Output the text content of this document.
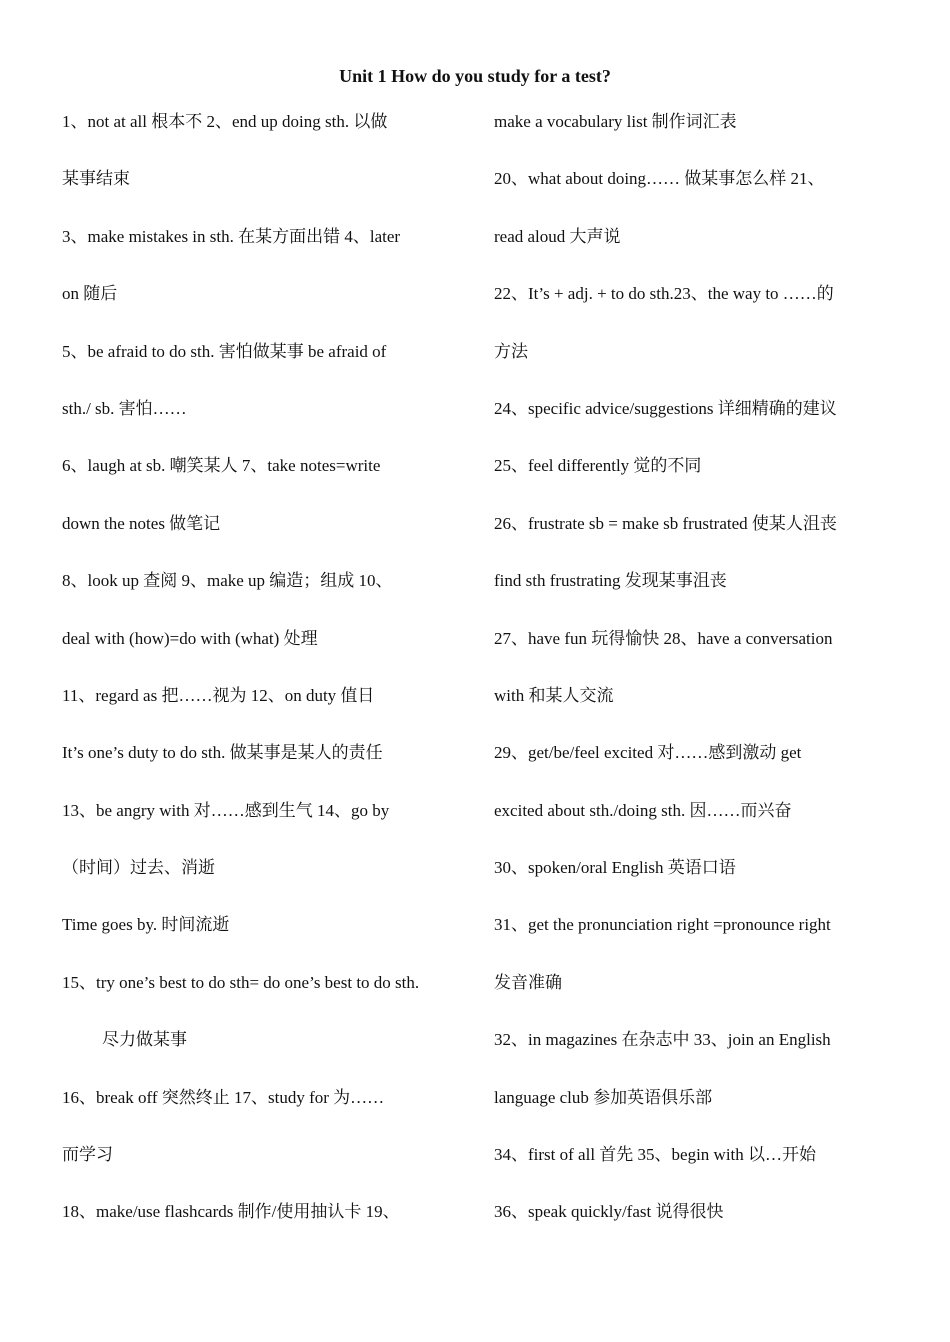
Unit 1 How do you study for a test?
1、not at all 根本不 2、end up doing sth. 以做
某事结束
3、make mistakes in sth. 在某方面出错 4、later
on 随后
5、be afraid to do sth. 害怕做某事 be afraid of
sth./ sb. 害怕……
6、laugh at sb. 嘲笑某人 7、take notes=write
down the notes 做笔记
8、look up 查阅 9、make up 编造；组成 10、
deal with (how)=do with (what) 处理
11、regard as 把……视为 12、on duty 值日
It’s one’s duty to do sth. 做某事是某人的责任
13、be angry with 对……感到生气 14、go by
（时间）过去、消逝
Time goes by. 时间流逝
15、try one’s best to do sth= do one’s best to do sth.
尽力做某事
16、break off 突然终止 17、study for 为……
而学习
18、make/use flashcards 制作/使用抽认卡 19、
make a vocabulary list 制作词汇表
20、what about doing…… 做某事怎么样 21、
read aloud 大声说
22、It’s + adj. + to do sth.23、the way to ……的
方法
24、specific advice/suggestions 详细精确的建议
25、feel differently 觉的不同
26、frustrate sb = make sb frustrated 使某人沮丧
find sth frustrating 发现某事沮丧
27、have fun 玩得愉快 28、have a conversation
with 和某人交流
29、get/be/feel excited 对……感到激动 get
excited about sth./doing sth. 因……而兴奋
30、spoken/oral English 英语口语
31、get the pronunciation right =pronounce right
发音准确
32、in magazines 在杂志中 33、join an English
language club 参加英语俱乐部
34、first of all 首先 35、begin with 以…开始
36、speak quickly/fast 说得很快
